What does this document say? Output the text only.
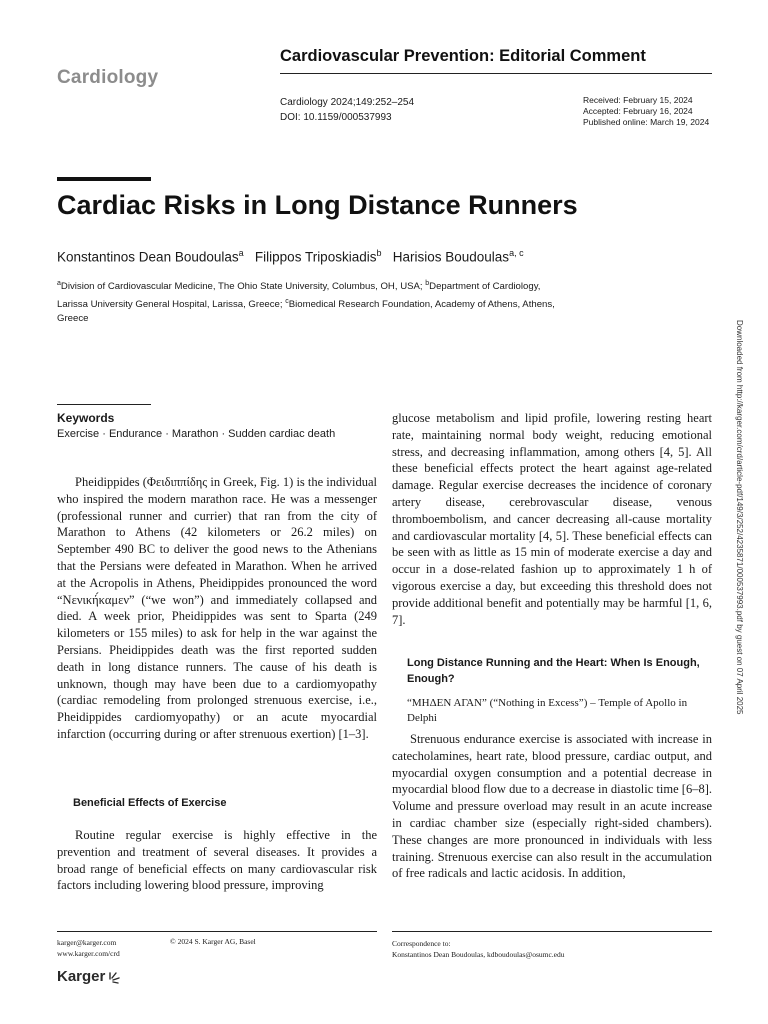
Cardiology
Cardiovascular Prevention: Editorial Comment
Cardiology 2024;149:252–254
DOI: 10.1159/000537993
Received: February 15, 2024
Accepted: February 16, 2024
Published online: March 19, 2024
Cardiac Risks in Long Distance Runners
Konstantinos Dean Boudoulas$^a$ Filippos Triposkiadis$^b$ Harisios Boudoulas$^{a, c}$
$^a$Division of Cardiovascular Medicine, The Ohio State University, Columbus, OH, USA; $^b$Department of Cardiology, Larissa University General Hospital, Larissa, Greece; $^c$Biomedical Research Foundation, Academy of Athens, Athens, Greece
Keywords
Exercise · Endurance · Marathon · Sudden cardiac death

Pheidippides (Φειδιππίδης in Greek, Fig. 1) is the individual who inspired the modern marathon race. He was a messenger (professional runner and currier) that ran from the city of Marathon to Athens (42 kilometers or 26.2 miles) on September 490 BC to deliver the good news to the Athenians that the Persians were defeated in Marathon. When he arrived at the Acropolis in Athens, Pheidippides pronounced the word “Νενική́καμεν” (“we won”) and immediately collapsed and died. A week prior, Pheidippides was sent to Sparta (249 kilometers or 155 miles) to ask for help in the war against the Persians. Pheidippides death was the first reported sudden death in long distance runners. The cause of his death is unknown, though may have been due to a cardiomyopathy (cardiac remodeling from prolonged strenuous exercise, i.e., Pheidippides cardiomyopathy) or an acute myocardial infarction (occurring during or after strenuous exertion) [1–3].

Beneficial Effects of Exercise

Routine regular exercise is highly effective in the prevention and treatment of several diseases. It provides a broad range of beneficial effects on many cardiovascular risk factors including lowering blood pressure, improving

glucose metabolism and lipid profile, lowering resting heart rate, maintaining normal body weight, reducing emotional stress, and decreasing inflammation, among others [4, 5]. All these beneficial effects protect the heart against age-related damage. Regular exercise decreases the incidence of coronary artery disease, cerebrovascular disease, venous thromboembolism, and cancer decreasing all-cause mortality and cardiovascular mortality [4, 5]. These beneficial effects can be seen with as little as 15 min of moderate exercise a day and occur in a dose-related fashion up to approximately 1 h of vigorous exercise a day, but exceeding this threshold does not provide additional benefit and potentially may be harmful [1, 6, 7].

Long Distance Running and the Heart: When Is Enough, Enough?
“ΜΗΔΕΝ ΑΓΑΝ” (“Nothing in Excess”) – Temple of Apollo in Delphi

Strenuous endurance exercise is associated with increase in catecholamines, heart rate, blood pressure, cardiac output, and myocardial oxygen consumption and a potential decrease in myocardial blood flow due to a decrease in diastolic time [6–8]. Volume and pressure overload may result in an acute increase in cardiac chamber size (especially right-sided chambers). These changes are more pronounced in individuals with less training. Strenuous exercise can also result in the accumulation of free radicals and lactic acidosis. In addition,

Downloaded from http://karger.com/crd/article-pdf/149/3/252/4235871/000537993.pdf by guest on 07 April 2025
karger@karger.com
www.karger.com/crd
© 2024 S. Karger AG, Basel	Correspondence to:
Konstantinos Dean Boudoulas, kdboudoulas@osumc.edu
Karger
